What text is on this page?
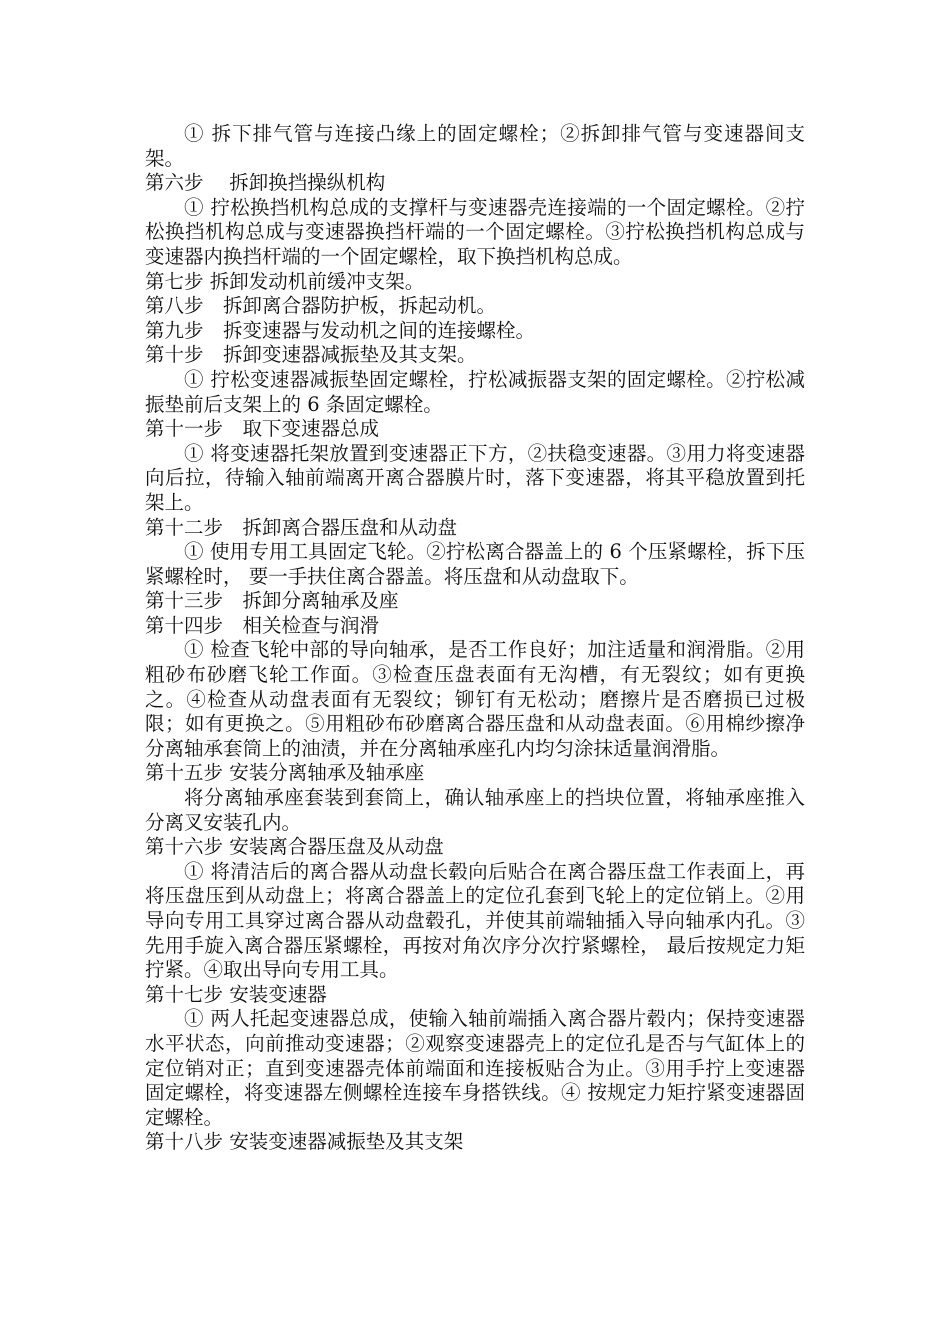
① 拆下排气管与连接凸缘上的固定螺栓；②拆卸排气管与变速器间支架。

第六步　 拆卸换挡操纵机构

① 拧松换挡机构总成的支撑杆与变速器壳连接端的一个固定螺栓。②拧松换挡机构总成与变速器换挡杆端的一个固定螺栓。③拧松换挡机构总成与变速器内换挡杆端的一个固定螺栓，取下换挡机构总成。

第七步 拆卸发动机前缓冲支架。

第八步　拆卸离合器防护板，拆起动机。

第九步　拆变速器与发动机之间的连接螺栓。

第十步　拆卸变速器减振垫及其支架。

① 拧松变速器减振垫固定螺栓，拧松减振器支架的固定螺栓。②拧松减振垫前后支架上的 6 条固定螺栓。

第十一步　取下变速器总成

① 将变速器托架放置到变速器正下方，②扶稳变速器。③用力将变速器向后拉，待输入轴前端离开离合器膜片时，落下变速器，将其平稳放置到托架上。

第十二步　拆卸离合器压盘和从动盘

① 使用专用工具固定飞轮。②拧松离合器盖上的 6 个压紧螺栓，拆下压紧螺栓时， 要一手扶住离合器盖。将压盘和从动盘取下。

第十三步　拆卸分离轴承及座

第十四步　相关检查与润滑

① 检查飞轮中部的导向轴承，是否工作良好；加注适量和润滑脂。②用粗砂布砂磨飞轮工作面。③检查压盘表面有无沟槽，有无裂纹；如有更换之。④检查从动盘表面有无裂纹；铆钉有无松动；磨擦片是否磨损已过极限；如有更换之。⑤用粗砂布砂磨离合器压盘和从动盘表面。⑥用棉纱擦净分离轴承套筒上的油渍，并在分离轴承座孔内均匀涂抹适量润滑脂。

第十五步 安装分离轴承及轴承座

将分离轴承座套装到套筒上，确认轴承座上的挡块位置，将轴承座推入分离叉安装孔内。

第十六步 安装离合器压盘及从动盘

① 将清洁后的离合器从动盘长毂向后贴合在离合器压盘工作表面上，再将压盘压到从动盘上；将离合器盖上的定位孔套到飞轮上的定位销上。②用导向专用工具穿过离合器从动盘毂孔，并使其前端轴插入导向轴承内孔。③先用手旋入离合器压紧螺栓，再按对角次序分次拧紧螺栓， 最后按规定力矩拧紧。④取出导向专用工具。

第十七步 安装变速器

① 两人托起变速器总成，使输入轴前端插入离合器片毂内；保持变速器水平状态，向前推动变速器；②观察变速器壳上的定位孔是否与气缸体上的定位销对正；直到变速器壳体前端面和连接板贴合为止。③用手拧上变速器固定螺栓，将变速器左侧螺栓连接车身搭铁线。④ 按规定力矩拧紧变速器固定螺栓。

第十八步 安装变速器减振垫及其支架
